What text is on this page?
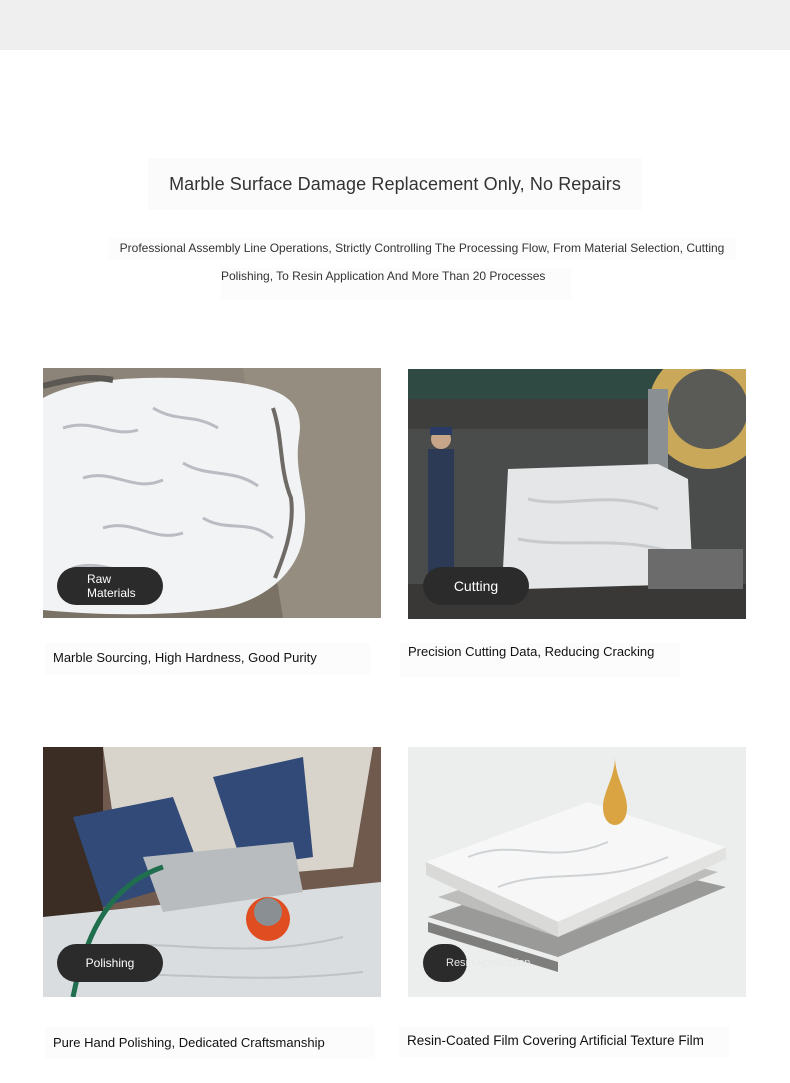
Marble Surface Damage Replacement Only, No Repairs
Professional Assembly Line Operations, Strictly Controlling The Processing Flow, From Material Selection, Cutting
Polishing, To Resin Application And More Than 20 Processes
Raw Materials
Marble Sourcing, High Hardness, Good Purity
Cutting
Precision Cutting Data, Reducing Cracking
Polishing
Pure Hand Polishing, Dedicated Craftsmanship
Resin Application
Resin-Coated Film Covering Artificial Texture Film
